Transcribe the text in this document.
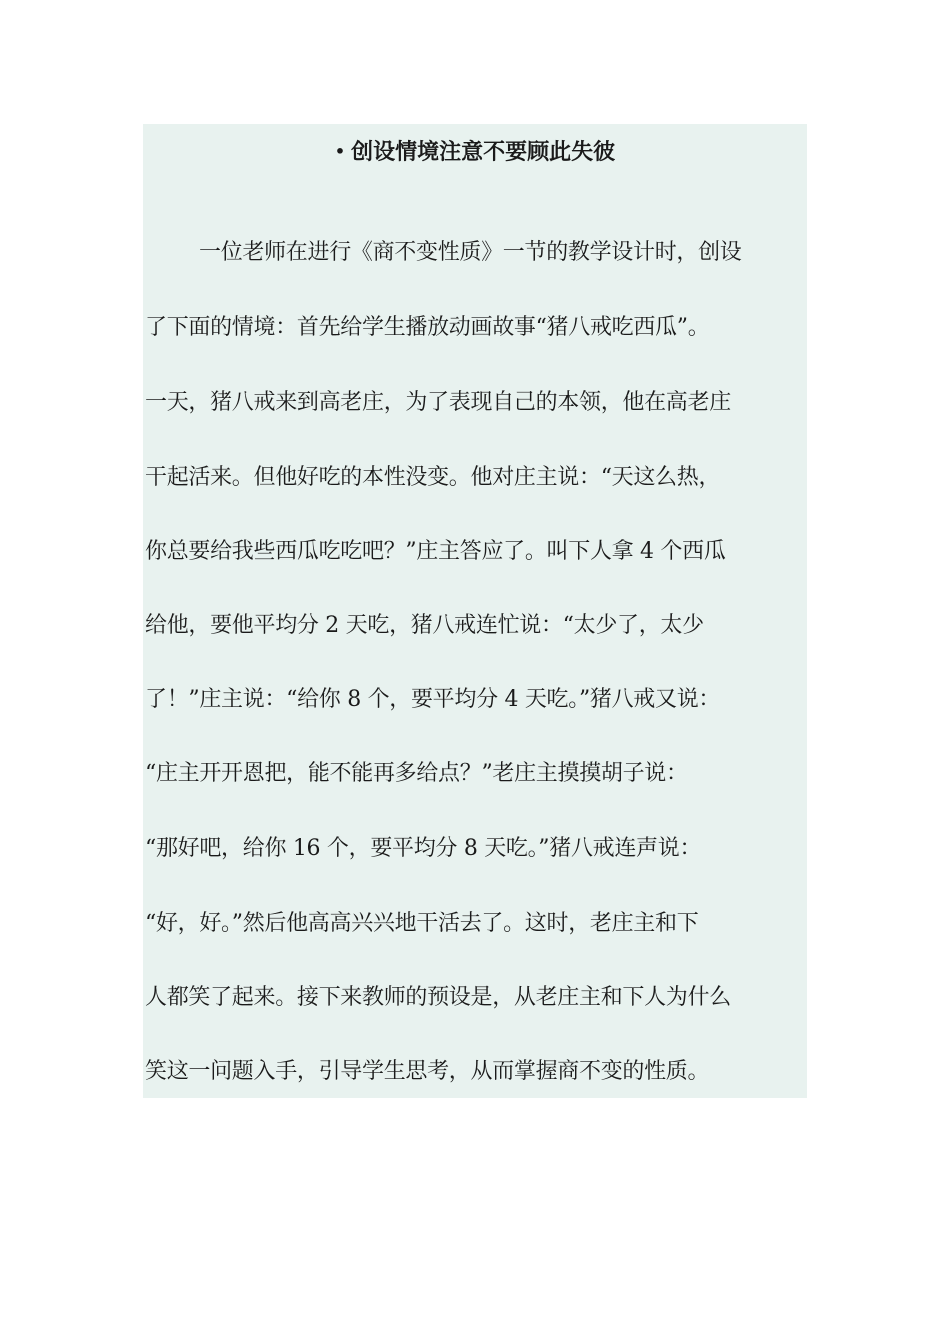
• 创设情境注意不要顾此失彼
一位老师在进行《商不变性质》一节的教学设计时，创设
了下面的情境：首先给学生播放动画故事“猪八戒吃西瓜”。
一天，猪八戒来到高老庄，为了表现自己的本领，他在高老庄
干起活来。但他好吃的本性没变。他对庄主说：“天这么热，
你总要给我些西瓜吃吃吧？”庄主答应了。叫下人拿 4 个西瓜
给他，要他平均分 2 天吃，猪八戒连忙说：“太少了，太少
了！”庄主说：“给你 8 个，要平均分 4 天吃。”猪八戒又说：
“庄主开开恩把，能不能再多给点？”老庄主摸摸胡子说：
“那好吧，给你 16 个，要平均分 8 天吃。”猪八戒连声说：
“好，好。”然后他高高兴兴地干活去了。这时，老庄主和下
人都笑了起来。接下来教师的预设是，从老庄主和下人为什么
笑这一问题入手，引导学生思考，从而掌握商不变的性质。
